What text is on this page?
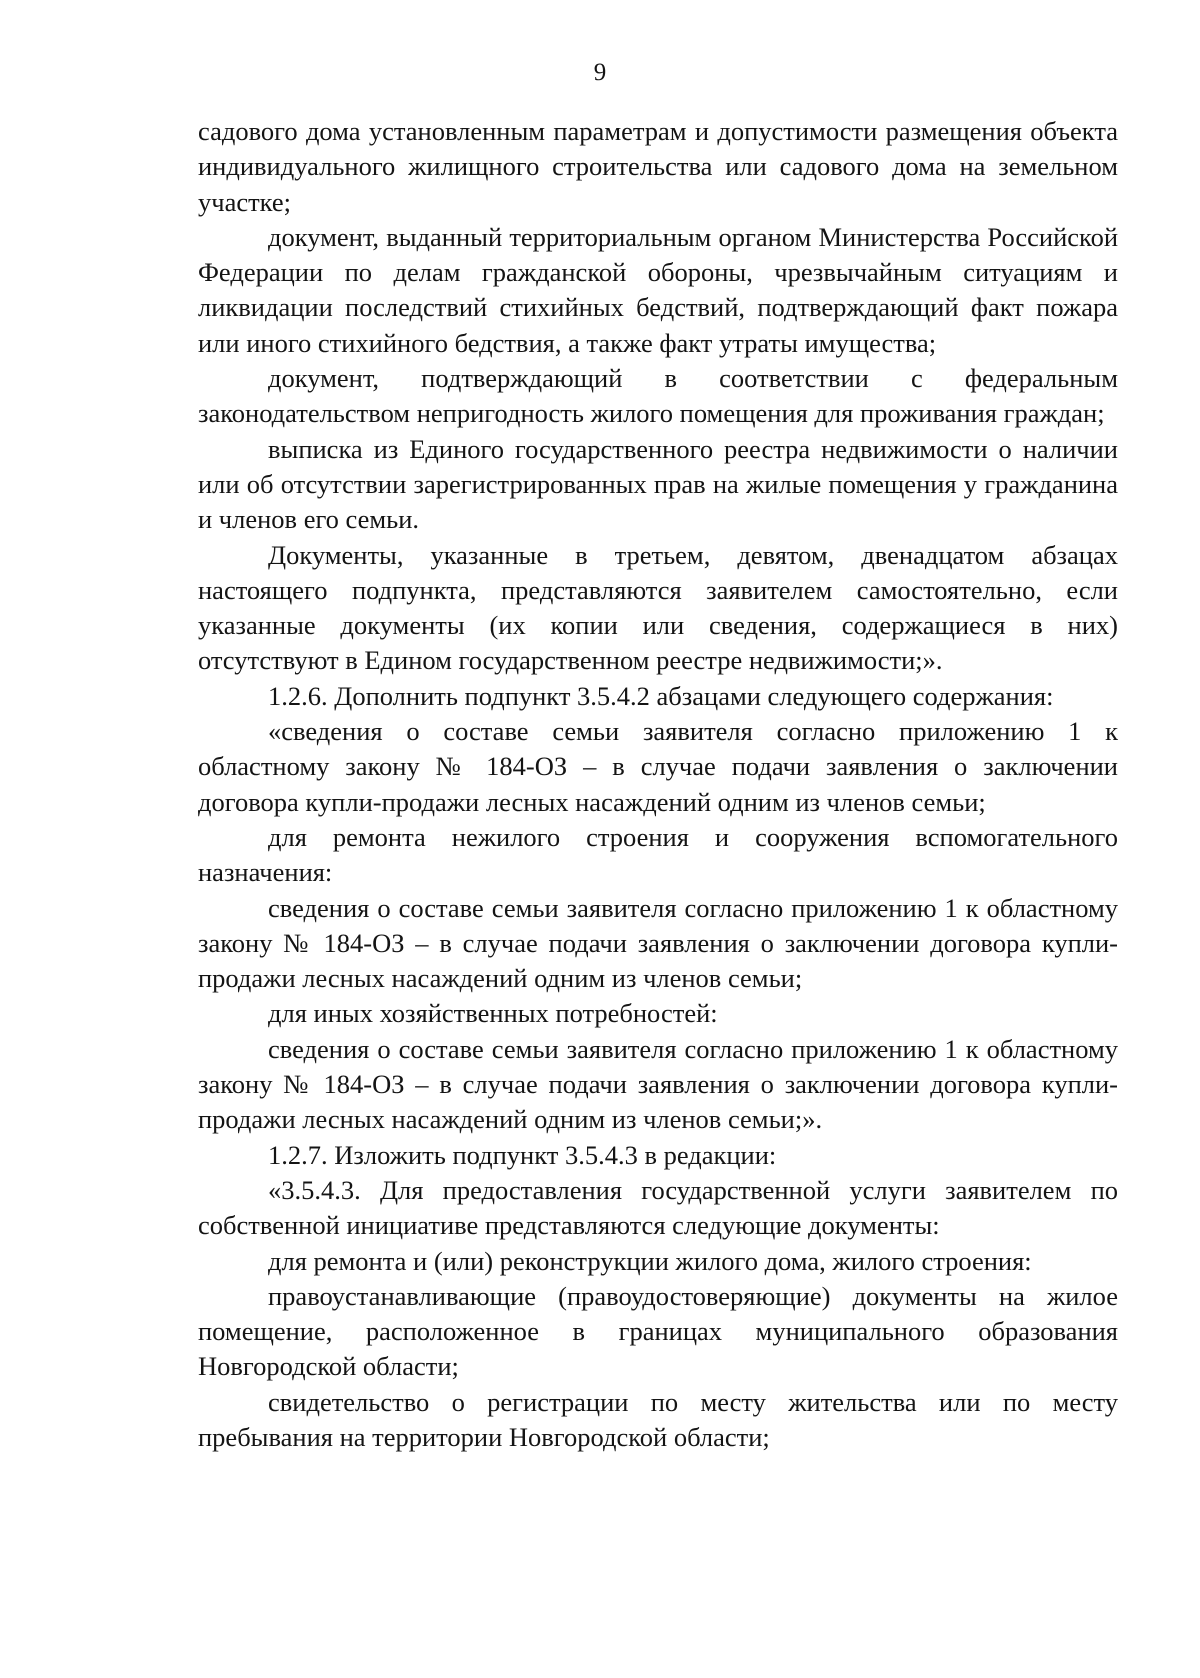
9

садового дома установленным параметрам и допустимости размещения объекта индивидуального жилищного строительства или садового дома на земельном участке;

документ, выданный территориальным органом Министерства Российской Федерации по делам гражданской обороны, чрезвычайным ситуациям и ликвидации последствий стихийных бедствий, подтверждающий факт пожара или иного стихийного бедствия, а также факт утраты имущества;

документ, подтверждающий в соответствии с федеральным законодательством непригодность жилого помещения для проживания граждан;

выписка из Единого государственного реестра недвижимости о наличии или об отсутствии зарегистрированных прав на жилые помещения у гражданина и членов его семьи.

Документы, указанные в третьем, девятом, двенадцатом абзацах настоящего подпункта, представляются заявителем самостоятельно, если указанные документы (их копии или сведения, содержащиеся в них) отсутствуют в Едином государственном реестре недвижимости;».

1.2.6. Дополнить подпункт 3.5.4.2 абзацами следующего содержания:

«сведения о составе семьи заявителя согласно приложению 1 к областному закону № 184-ОЗ – в случае подачи заявления о заключении договора купли-продажи лесных насаждений одним из членов семьи;

для ремонта нежилого строения и сооружения вспомогательного назначения:

сведения о составе семьи заявителя согласно приложению 1 к областному закону № 184-ОЗ – в случае подачи заявления о заключении договора купли-продажи лесных насаждений одним из членов семьи;

для иных хозяйственных потребностей:

сведения о составе семьи заявителя согласно приложению 1 к областному закону № 184-ОЗ – в случае подачи заявления о заключении договора купли-продажи лесных насаждений одним из членов семьи;».

1.2.7. Изложить подпункт 3.5.4.3 в редакции:

«3.5.4.3. Для предоставления государственной услуги заявителем по собственной инициативе представляются следующие документы:

для ремонта и (или) реконструкции жилого дома, жилого строения:

правоустанавливающие (правоудостоверяющие) документы на жилое помещение, расположенное в границах муниципального образования Новгородской области;

свидетельство о регистрации по месту жительства или по месту пребывания на территории Новгородской области;
